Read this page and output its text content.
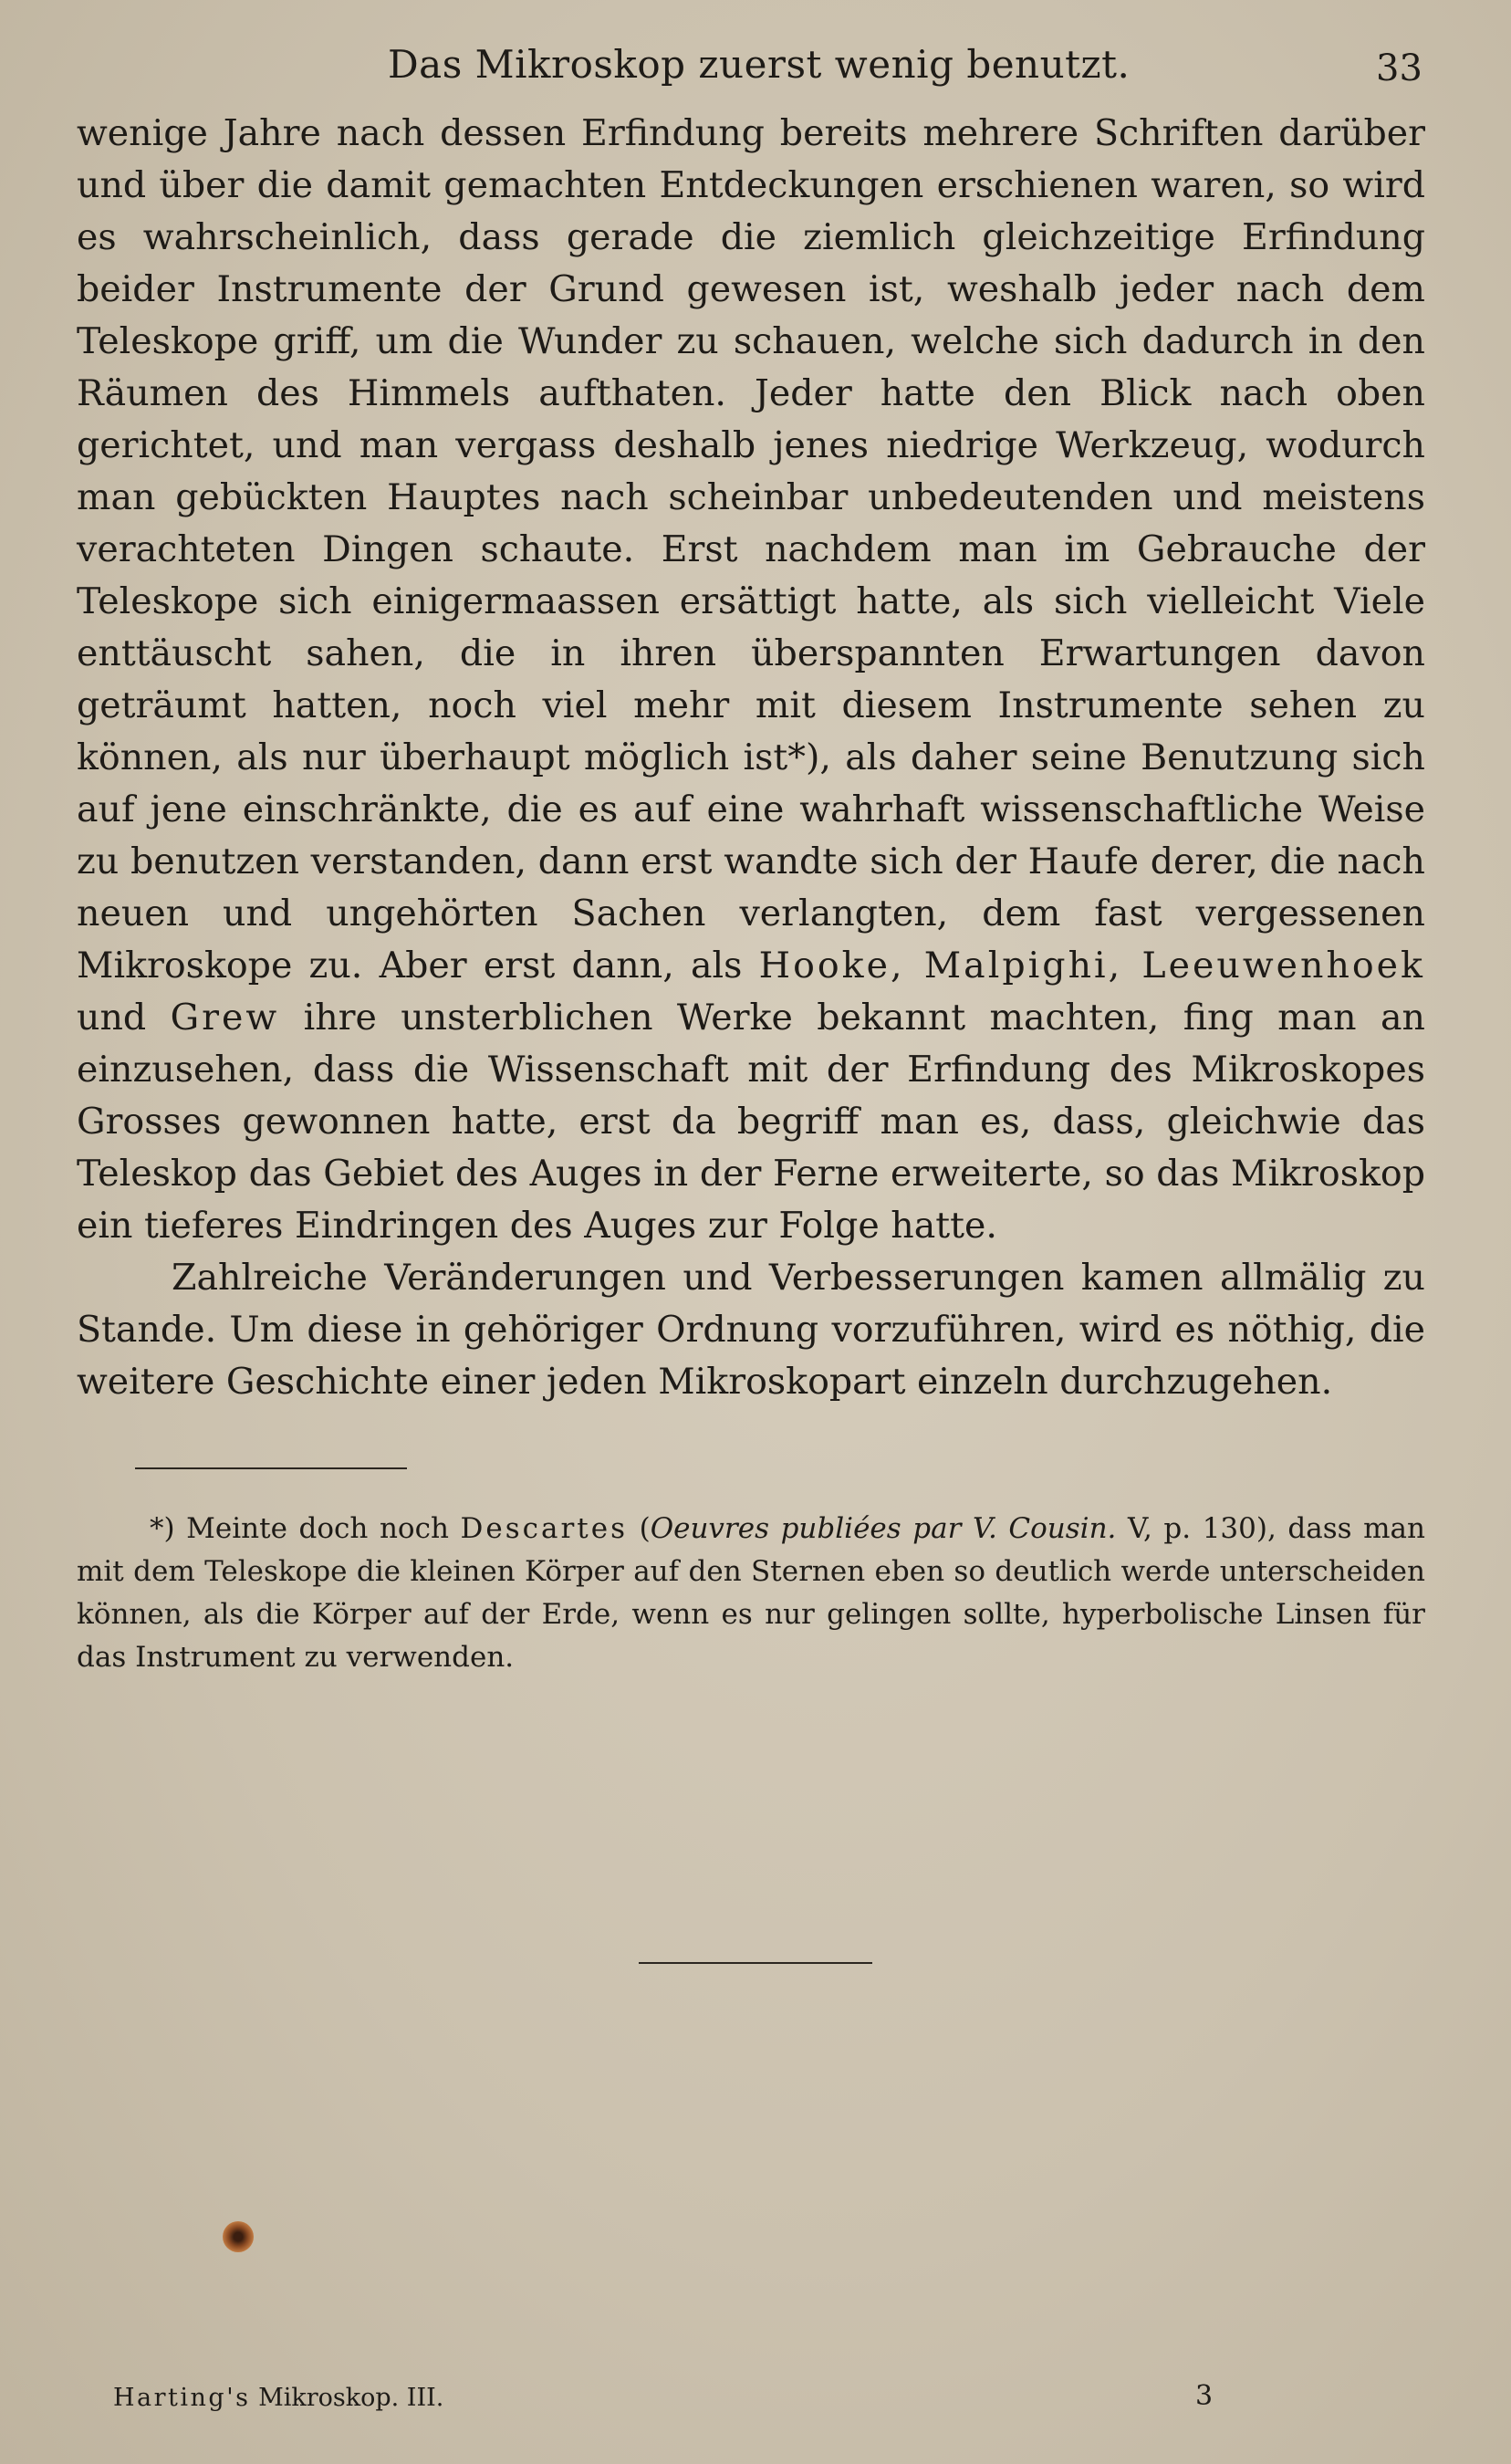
Das Mikroskop zuerst wenig benutzt.	33

wenige Jahre nach dessen Erfindung bereits mehrere Schriften darüber und über die damit gemachten Entdeckungen erschienen waren, so wird es wahrscheinlich, dass gerade die ziemlich gleichzeitige Erfindung beider Instrumente der Grund gewesen ist, weshalb jeder nach dem Teleskope griff, um die Wunder zu schauen, welche sich dadurch in den Räumen des Himmels aufthaten. Jeder hatte den Blick nach oben gerichtet, und man vergass deshalb jenes niedrige Werkzeug, wodurch man gebückten Hauptes nach scheinbar unbedeutenden und meistens verachteten Dingen schaute. Erst nachdem man im Gebrauche der Teleskope sich einigermaassen ersättigt hatte, als sich vielleicht Viele enttäuscht sahen, die in ihren überspannten Erwartungen davon geträumt hatten, noch viel mehr mit diesem Instrumente sehen zu können, als nur überhaupt möglich ist*), als daher seine Benutzung sich auf jene einschränkte, die es auf eine wahrhaft wissenschaftliche Weise zu benutzen verstanden, dann erst wandte sich der Haufe derer, die nach neuen und ungehörten Sachen verlangten, dem fast vergessenen Mikroskope zu. Aber erst dann, als Hooke, Malpighi, Leeuwenhoek und Grew ihre unsterblichen Werke bekannt machten, fing man an einzusehen, dass die Wissenschaft mit der Erfindung des Mikroskopes Grosses gewonnen hatte, erst da begriff man es, dass, gleichwie das Teleskop das Gebiet des Auges in der Ferne erweiterte, so das Mikroskop ein tieferes Eindringen des Auges zur Folge hatte.

Zahlreiche Veränderungen und Verbesserungen kamen allmälig zu Stande. Um diese in gehöriger Ordnung vorzuführen, wird es nöthig, die weitere Geschichte einer jeden Mikroskopart einzeln durchzugehen.

*) Meinte doch noch Descartes (Oeuvres publiées par V. Cousin. V, p. 130), dass man mit dem Teleskope die kleinen Körper auf den Sternen eben so deutlich werde unterscheiden können, als die Körper auf der Erde, wenn es nur gelingen sollte, hyperbolische Linsen für das Instrument zu verwenden.

Harting's Mikroskop. III.	3
